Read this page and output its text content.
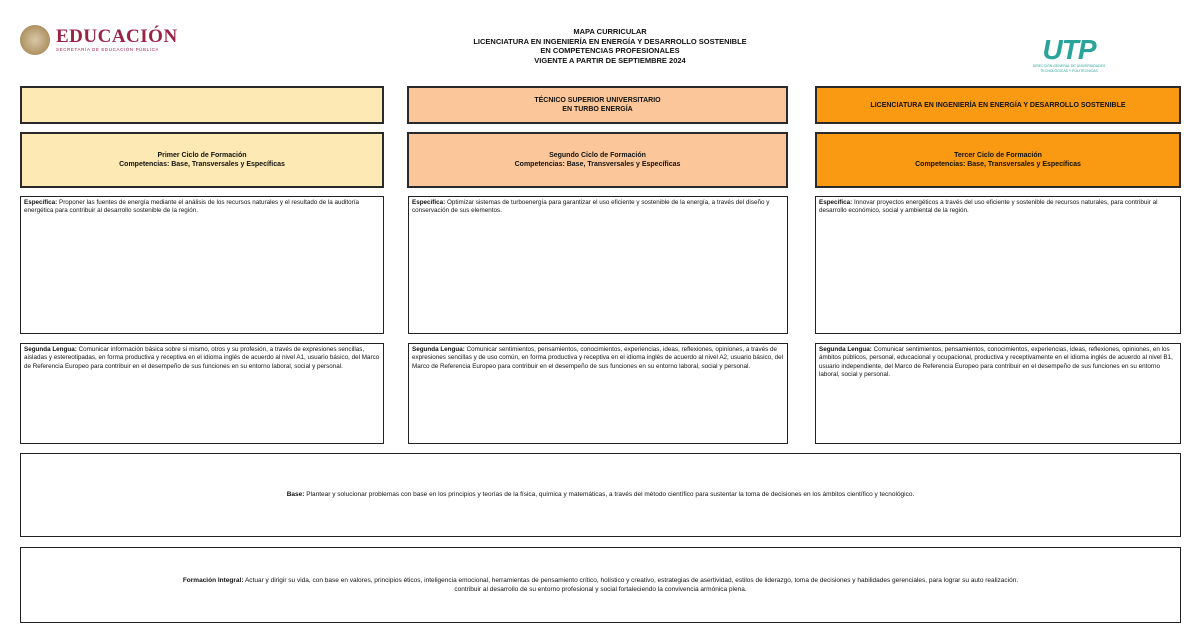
EDUCACIÓN
SECRETARÍA DE EDUCACIÓN PÚBLICA
MAPA CURRICULAR
LICENCIATURA EN INGENIERÍA EN ENERGÍA Y DESARROLLO SOSTENIBLE
EN COMPETENCIAS PROFESIONALES
VIGENTE A PARTIR DE SEPTIEMBRE 2024	UTP
DIRECCIÓN GENERAL DE UNIVERSIDADES
TECNOLÓGICAS Y POLITÉCNICAS
TÉCNICO SUPERIOR UNIVERSITARIO
EN TURBO ENERGÍA
LICENCIATURA EN INGENIERÍA EN ENERGÍA Y DESARROLLO SOSTENIBLE
Primer Ciclo de Formación
Competencias: Base, Transversales y Específicas
Segundo Ciclo de Formación
Competencias: Base, Transversales y Específicas
Tercer Ciclo de Formación
Competencias: Base, Transversales y Específicas
Específica: Proponer las fuentes de energía mediante el análisis de los recursos naturales y el resultado de la auditoría energética para contribuir al desarrollo sostenible de la región.
Específica: Optimizar sistemas de turboenergía para garantizar el uso eficiente y sostenible de la energía, a través del diseño y conservación de sus elementos.
Específica: Innovar proyectos energéticos a través del uso eficiente y sostenible de recursos naturales, para contribuir al desarrollo económico, social y ambiental de la región.
Segunda Lengua: Comunicar información básica sobre sí mismo, otros y su profesión, a través de expresiones sencillas, aisladas y estereotipadas, en forma productiva y receptiva en el idioma inglés de acuerdo al nivel A1, usuario básico, del Marco de Referencia Europeo para contribuir en el desempeño de sus funciones en su entorno laboral, social y personal.
Segunda Lengua: Comunicar sentimientos, pensamientos, conocimientos, experiencias, ideas, reflexiones, opiniones, a través de expresiones sencillas y de uso común, en forma productiva y receptiva en el idioma inglés de acuerdo al nivel A2, usuario básico, del Marco de Referencia Europeo para contribuir en el desempeño de sus funciones en su entorno laboral, social y personal.
Segunda Lengua: Comunicar sentimientos, pensamientos, conocimientos, experiencias, ideas, reflexiones, opiniones, en los ámbitos públicos, personal, educacional y ocupacional, productiva y receptivamente en el idioma inglés de acuerdo al nivel B1, usuario independiente, del Marco de Referencia Europeo para contribuir en el desempeño de sus funciones en su entorno laboral, social y personal.
Base: Plantear y solucionar problemas con base en los principios y teorías de la física, química y matemáticas, a través del método científico para sustentar la toma de decisiones en los ámbitos científico y tecnológico.
Formación Integral: Actuar y dirigir su vida, con base en valores, principios éticos, inteligencia emocional, herramientas de pensamiento crítico, holístico y creativo, estrategias de asertividad, estilos de liderazgo, toma de decisiones y habilidades gerenciales, para lograr su auto realización. contribuir al desarrollo de su entorno profesional y social fortaleciendo la convivencia armónica plena.
